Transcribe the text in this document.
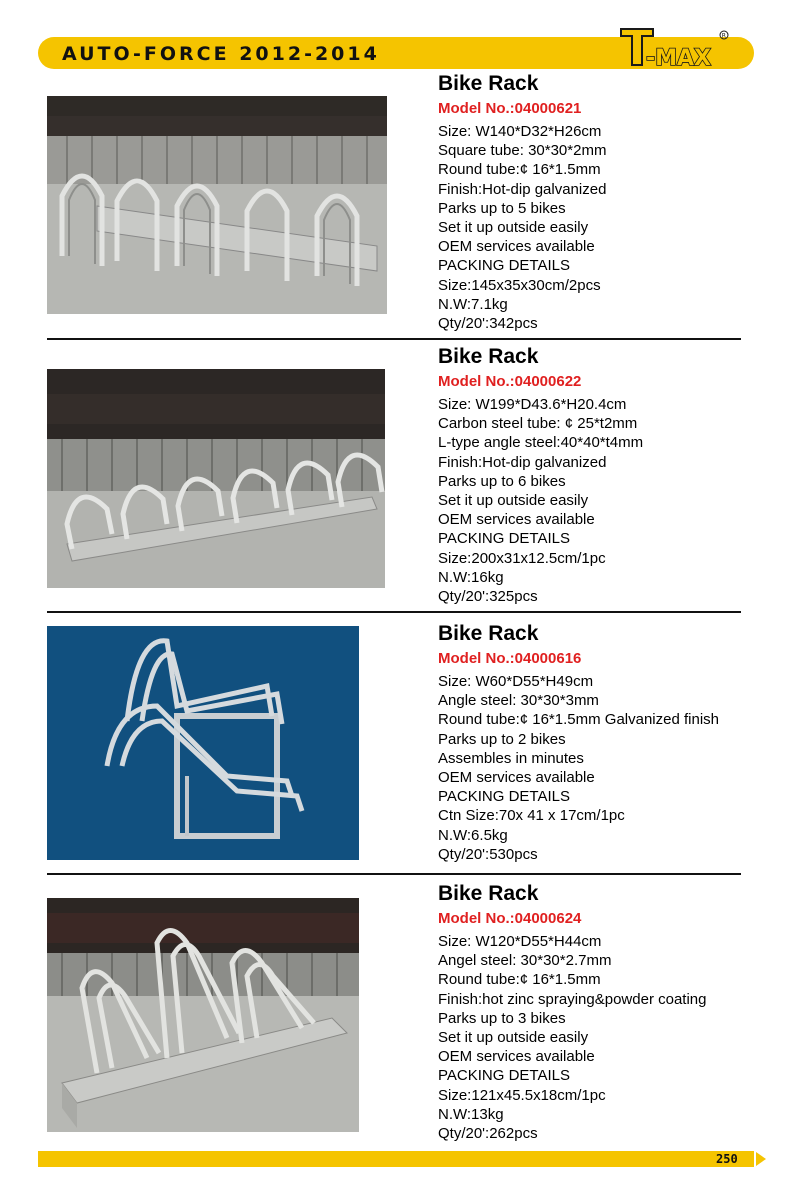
AUTO-FORCE 2012-2014	-MAX
R
Bike Rack
Model No.:04000621
Size: W140*D32*H26cm
Square tube: 30*30*2mm
Round tube:¢ 16*1.5mm
Finish:Hot-dip galvanized
Parks up to 5 bikes
Set it up outside easily
OEM services available
PACKING DETAILS
Size:145x35x30cm/2pcs
N.W:7.1kg
Qty/20':342pcs
Bike Rack
Model No.:04000622
Size: W199*D43.6*H20.4cm
Carbon steel tube: ¢ 25*t2mm
L-type angle steel:40*40*t4mm
Finish:Hot-dip galvanized
Parks up to 6 bikes
Set it up outside easily
OEM services available
PACKING DETAILS
Size:200x31x12.5cm/1pc
N.W:16kg
Qty/20':325pcs
Bike Rack
Model No.:04000616
Size: W60*D55*H49cm
Angle steel: 30*30*3mm
Round tube:¢ 16*1.5mm Galvanized finish
Parks up to 2 bikes
Assembles in minutes
OEM services available
PACKING DETAILS
Ctn Size:70x 41 x 17cm/1pc
N.W:6.5kg
Qty/20':530pcs
Bike Rack
Model No.:04000624
Size: W120*D55*H44cm
Angel steel: 30*30*2.7mm
Round tube:¢ 16*1.5mm
Finish:hot zinc spraying&powder coating
Parks up to 3 bikes
Set it up outside easily
OEM services available
PACKING DETAILS
Size:121x45.5x18cm/1pc
N.W:13kg
Qty/20':262pcs
250
